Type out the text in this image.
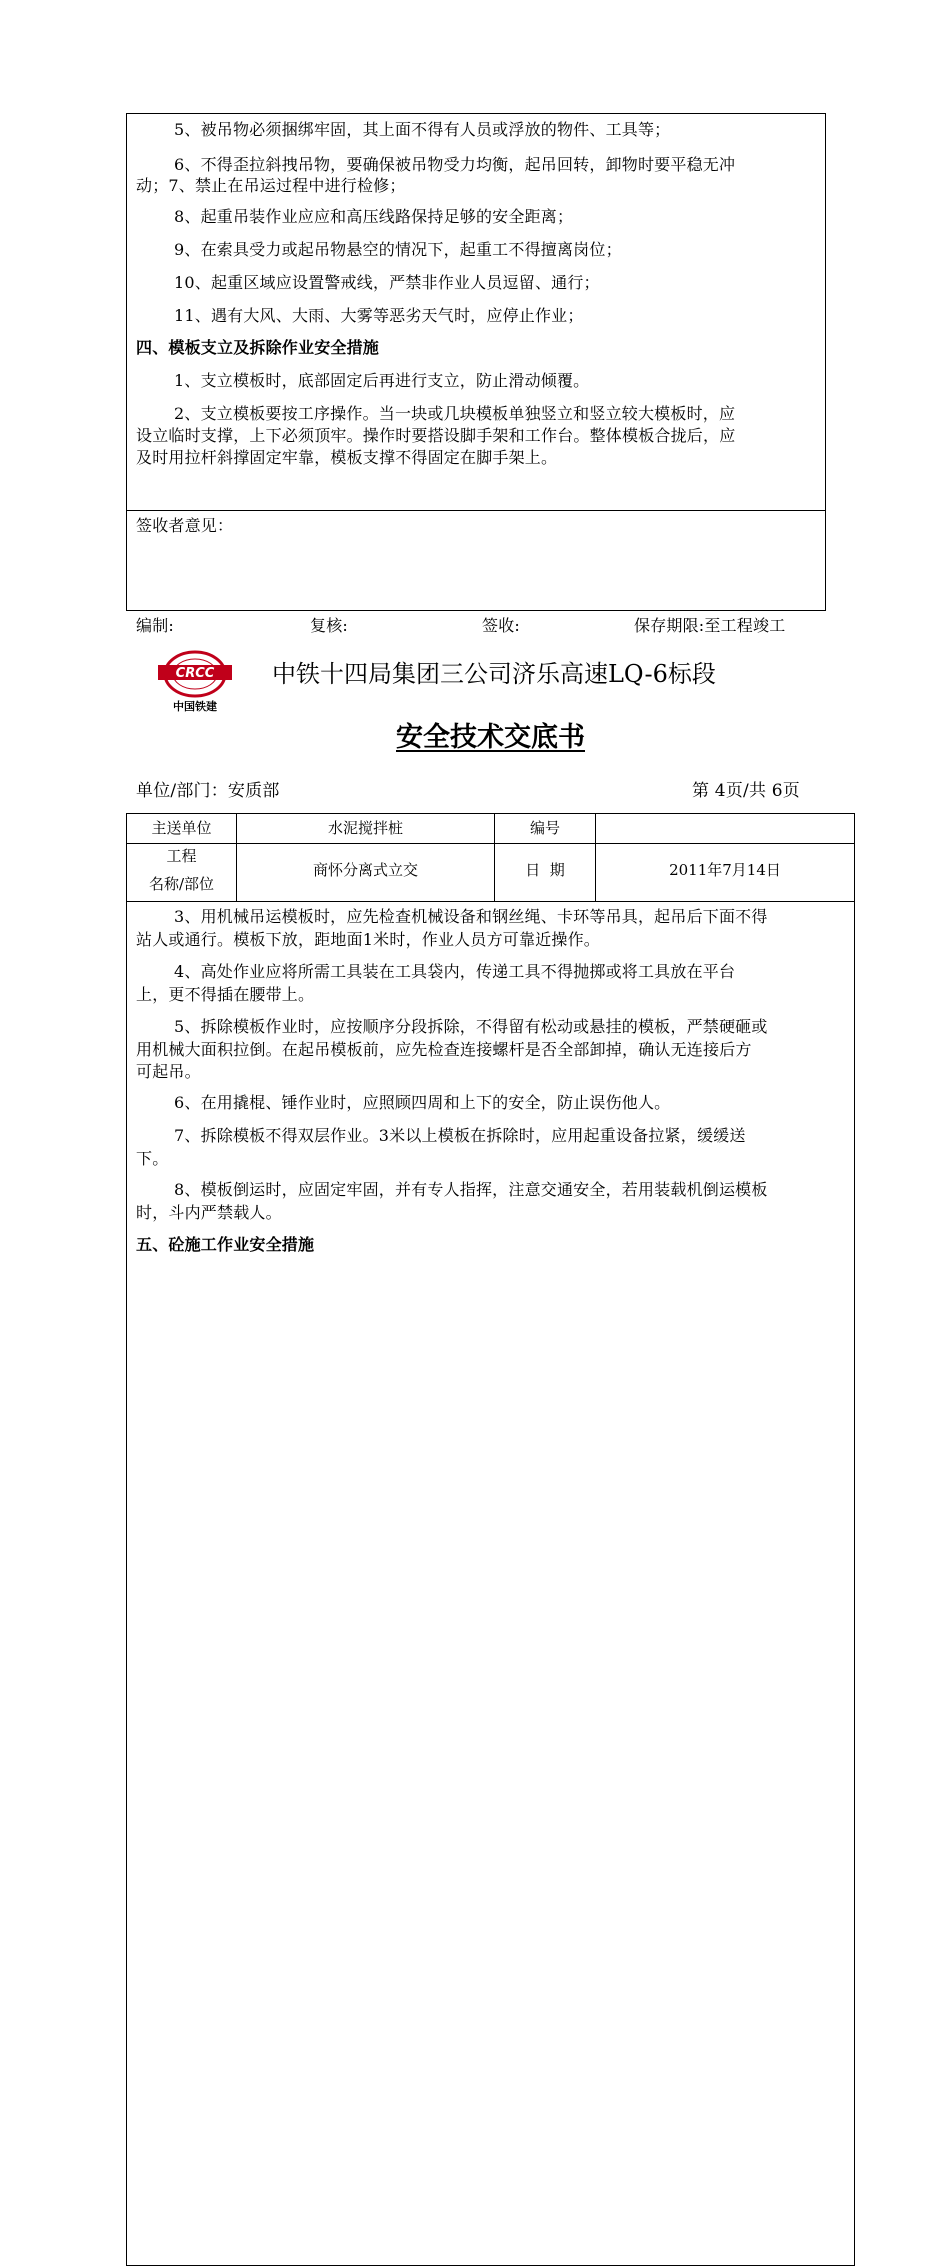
5、被吊物必须捆绑牢固，其上面不得有人员或浮放的物件、工具等；
6、不得歪拉斜拽吊物，要确保被吊物受力均衡，起吊回转，卸物时要平稳无冲
动；7、禁止在吊运过程中进行检修；
8、起重吊装作业应应和高压线路保持足够的安全距离；
9、在索具受力或起吊物悬空的情况下，起重工不得擅离岗位；
10、起重区域应设置警戒线，严禁非作业人员逗留、通行；
11、遇有大风、大雨、大雾等恶劣天气时，应停止作业；
四、模板支立及拆除作业安全措施
1、支立模板时，底部固定后再进行支立，防止滑动倾覆。
2、支立模板要按工序操作。当一块或几块模板单独竖立和竖立较大模板时，应
设立临时支撑，上下必须顶牢。操作时要搭设脚手架和工作台。整体模板合拢后，应
及时用拉杆斜撑固定牢靠，模板支撑不得固定在脚手架上。
签收者意见：
编制:	复核:	签收:	保存期限:至工程竣工
CRCC
中国铁建
中铁十四局集团三公司济乐高速LQ-6标段
安全技术交底书
单位/部门：安质部	第 4页/共 6页
主送单位	水泥搅拌桩	编号
工程
名称/部位
商怀分离式立交	日  期	2011年7月14日
3、用机械吊运模板时，应先检查机械设备和钢丝绳、卡环等吊具，起吊后下面不得
站人或通行。模板下放，距地面1米时，作业人员方可靠近操作。
4、高处作业应将所需工具装在工具袋内，传递工具不得抛掷或将工具放在平台
上，更不得插在腰带上。
5、拆除模板作业时，应按顺序分段拆除，不得留有松动或悬挂的模板，严禁硬砸或
用机械大面积拉倒。在起吊模板前，应先检查连接螺杆是否全部卸掉，确认无连接后方
可起吊。
6、在用撬棍、锤作业时，应照顾四周和上下的安全，防止误伤他人。
7、拆除模板不得双层作业。3米以上模板在拆除时，应用起重设备拉紧，缓缓送
下。
8、模板倒运时，应固定牢固，并有专人指挥，注意交通安全，若用装载机倒运模板
时，斗内严禁载人。
五、砼施工作业安全措施
